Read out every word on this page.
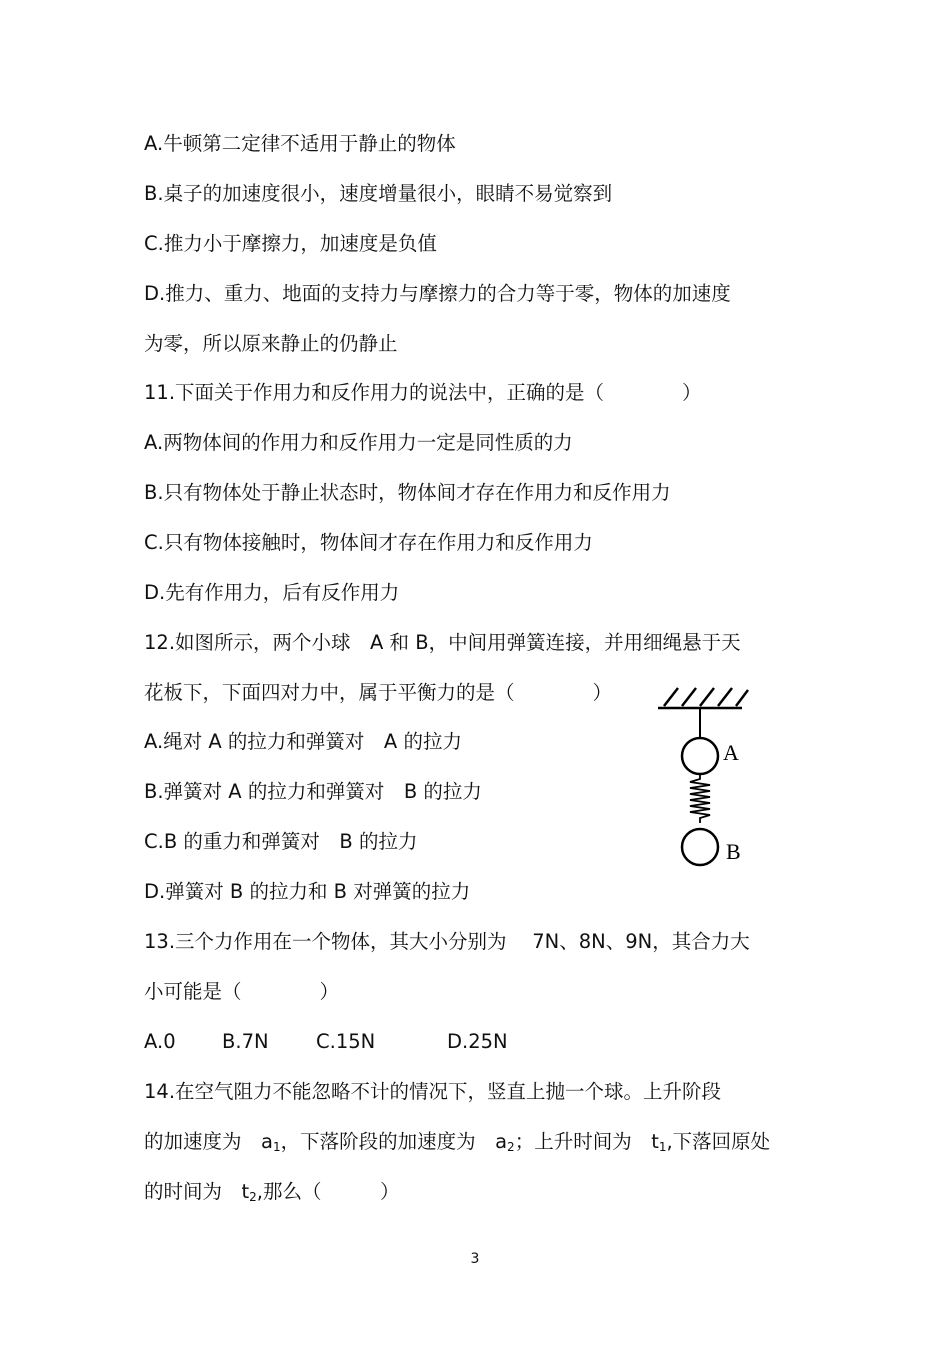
A.牛顿第二定律不适用于静止的物体
B.桌子的加速度很小，速度增量很小，眼睛不易觉察到
C.推力小于摩擦力，加速度是负值
D.推力、重力、地面的支持力与摩擦力的合力等于零，物体的加速度
为零，所以原来静止的仍静止
11.下面关于作用力和反作用力的说法中，正确的是（　　　　）
A.两物体间的作用力和反作用力一定是同性质的力
B.只有物体处于静止状态时，物体间才存在作用力和反作用力
C.只有物体接触时，物体间才存在作用力和反作用力
D.先有作用力，后有反作用力
12.如图所示，两个小球　A 和 B，中间用弹簧连接，并用细绳悬于天
花板下，下面四对力中，属于平衡力的是（　　　　）
A.绳对 A 的拉力和弹簧对　A 的拉力
B.弹簧对 A 的拉力和弹簧对　B 的拉力
C.B 的重力和弹簧对　B 的拉力
D.弹簧对 B 的拉力和 B 对弹簧的拉力
13.三个力作用在一个物体，其大小分别为　 7N、8N、9N，其合力大
小可能是（　　　　）

A.0

B.7N

C.15N

	D.25N

14.在空气阻力不能忽略不计的情况下，竖直上抛一个球。上升阶段
的加速度为　$a_1$，下落阶段的加速度为　$a_2$；上升时间为　$t_1$,下落回原处
的时间为　$t_2$,那么（　　　）
A
B
3
